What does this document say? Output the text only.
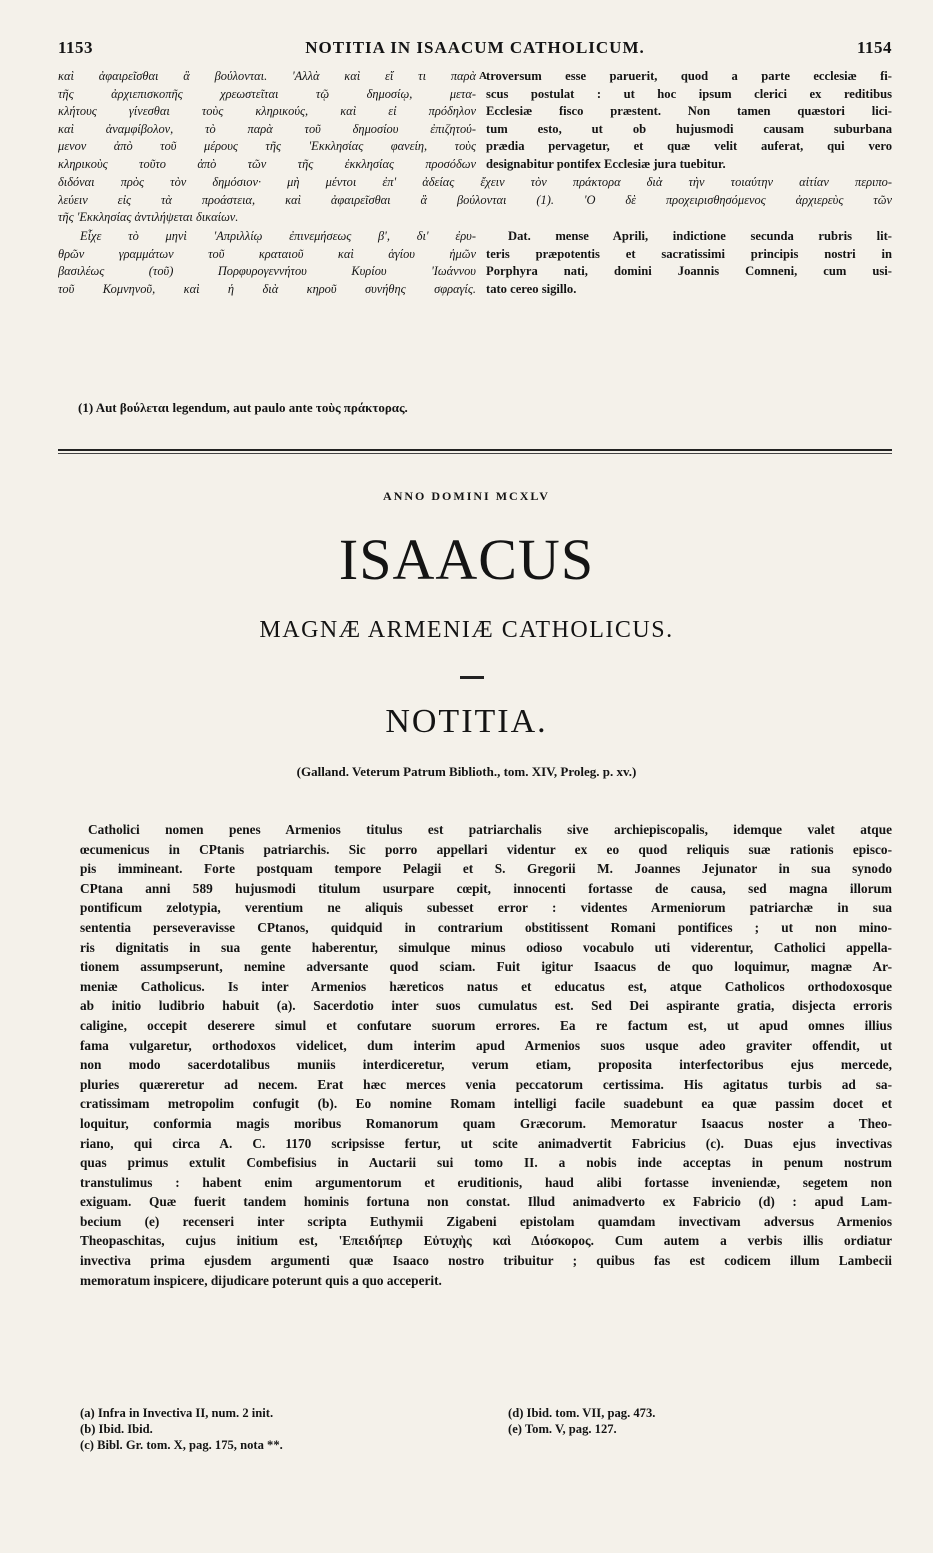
1153	NOTITIA IN ISAACUM CATHOLICUM.	1154
καὶ ἀφαιρεῖσθαι ἃ βούλονται. 'Αλλὰ καὶ εἴ τι παρὰ
τῆς ἀρχιεπισκοπῆς χρεωστεῖται τῷ δημοσίῳ, μετα-
κλήτους γίνεσθαι τοὺς κληρικούς, καὶ εἰ πρόδηλον
καὶ ἀναμφίβολον, τὸ παρὰ τοῦ δημοσίου ἐπιζητού-
μενον ἀπὸ τοῦ μέρους τῆς 'Εκκλησίας φανείη, τοὺς
κληρικοὺς τοῦτο ἀπὸ τῶν τῆς ἐκκλησίας προσόδων
A troversum esse paruerit, quod a parte ecclesiæ fi-
scus postulat : ut hoc ipsum clerici ex reditibus
Ecclesiæ fisco præstent. Non tamen quæstori lici-
tum esto, ut ob hujusmodi causam suburbana
prædia pervagetur, et quæ velit auferat, qui vero
designabitur pontifex Ecclesiæ jura tuebitur.
διδόναι πρὸς τὸν δημόσιον· μὴ μέντοι ἐπ' ἀδείας ἔχειν τὸν πράκτορα διὰ τὴν τοιαύτην αἰτίαν περιπο-
λεύειν εἰς τὰ προάστεια, καὶ ἀφαιρεῖσθαι ἃ βούλονται (1). 'Ο δὲ προχειρισθησόμενος ἀρχιερεὺς τῶν
τῆς 'Εκκλησίας ἀντιλήψεται δικαίων.
Εἶχε τὸ μηνὶ 'Απριλλίῳ ἐπινεμήσεως β', δι' ἐρυ-
θρῶν γραμμάτων τοῦ κραταιοῦ καὶ ἁγίου ἡμῶν
βασιλέως (τοῦ) Πορφυρογεννήτου Κυρίου 'Ιωάννου
τοῦ Κομνηνοῦ, καὶ ἡ διὰ κηροῦ συνήθης σφραγίς.
Dat. mense Aprili, indictione secunda rubris lit-
teris præpotentis et sacratissimi principis nostri in
Porphyra nati, domini Joannis Comneni, cum usi-
tato cereo sigillo.
(1) Aut βούλεται legendum, aut paulo ante τοὺς πράκτορας.
ANNO DOMINI MCXLV
ISAACUS
MAGNÆ ARMENIÆ CATHOLICUS.
NOTITIA.
(Galland. Veterum Patrum Biblioth., tom. XIV, Proleg. p. xv.)
Catholici nomen penes Armenios titulus est patriarchalis sive archiepiscopalis, idemque valet atque
œcumenicus in CPtanis patriarchis. Sic porro appellari videntur ex eo quod reliquis suæ rationis episco-
pis immineant. Forte postquam tempore Pelagii et S. Gregorii M. Joannes Jejunator in sua synodo
CPtana anni 589 hujusmodi titulum usurpare cœpit, innocenti fortasse de causa, sed magna illorum
pontificum zelotypia, verentium ne aliquis subesset error : videntes Armeniorum patriarchæ in sua
sententia perseveravisse CPtanos, quidquid in contrarium obstitissent Romani pontifices ; ut non mino-
ris dignitatis in sua gente haberentur, simulque minus odioso vocabulo uti viderentur, Catholici appella-
tionem assumpserunt, nemine adversante quod sciam. Fuit igitur Isaacus de quo loquimur, magnæ Ar-
meniæ Catholicus. Is inter Armenios hæreticos natus et educatus est, atque Catholicos orthodoxosque
ab initio ludibrio habuit (a). Sacerdotio inter suos cumulatus est. Sed Dei aspirante gratia, disjecta erroris
caligine, occepit deserere simul et confutare suorum errores. Ea re factum est, ut apud omnes illius
fama vulgaretur, orthodoxos videlicet, dum interim apud Armenios suos usque adeo graviter offendit, ut
non modo sacerdotalibus muniis interdiceretur, verum etiam, proposita interfectoribus ejus mercede,
pluries quæreretur ad necem. Erat hæc merces venia peccatorum certissima. His agitatus turbis ad sa-
cratissimam metropolim confugit (b). Eo nomine Romam intelligi facile suadebunt ea quæ passim docet et
loquitur, conformia magis moribus Romanorum quam Græcorum. Memoratur Isaacus noster a Theo-
riano, qui circa A. C. 1170 scripsisse fertur, ut scite animadvertit Fabricius (c). Duas ejus invectivas
quas primus extulit Combefisius in Auctarii sui tomo II. a nobis inde acceptas in penum nostrum
transtulimus : habent enim argumentorum et eruditionis, haud alibi fortasse inveniendæ, segetem non
exiguam. Quæ fuerit tandem hominis fortuna non constat. Illud animadverto ex Fabricio (d) : apud Lam-
becium (e) recenseri inter scripta Euthymii Zigabeni epistolam quamdam invectivam adversus Armenios
Theopaschitas, cujus initium est, 'Επειδήπερ Εὐτυχὴς καὶ Διόσκορος. Cum autem a verbis illis ordiatur
invectiva prima ejusdem argumenti quæ Isaaco nostro tribuitur ; quibus fas est codicem illum Lambecii
memoratum inspicere, dijudicare poterunt quis a quo acceperit.
(a) Infra in Invectiva II, num. 2 init.
(b) Ibid. Ibid.
(c) Bibl. Gr. tom. X, pag. 175, nota **.
(d) Ibid. tom. VII, pag. 473.
(e) Tom. V, pag. 127.
